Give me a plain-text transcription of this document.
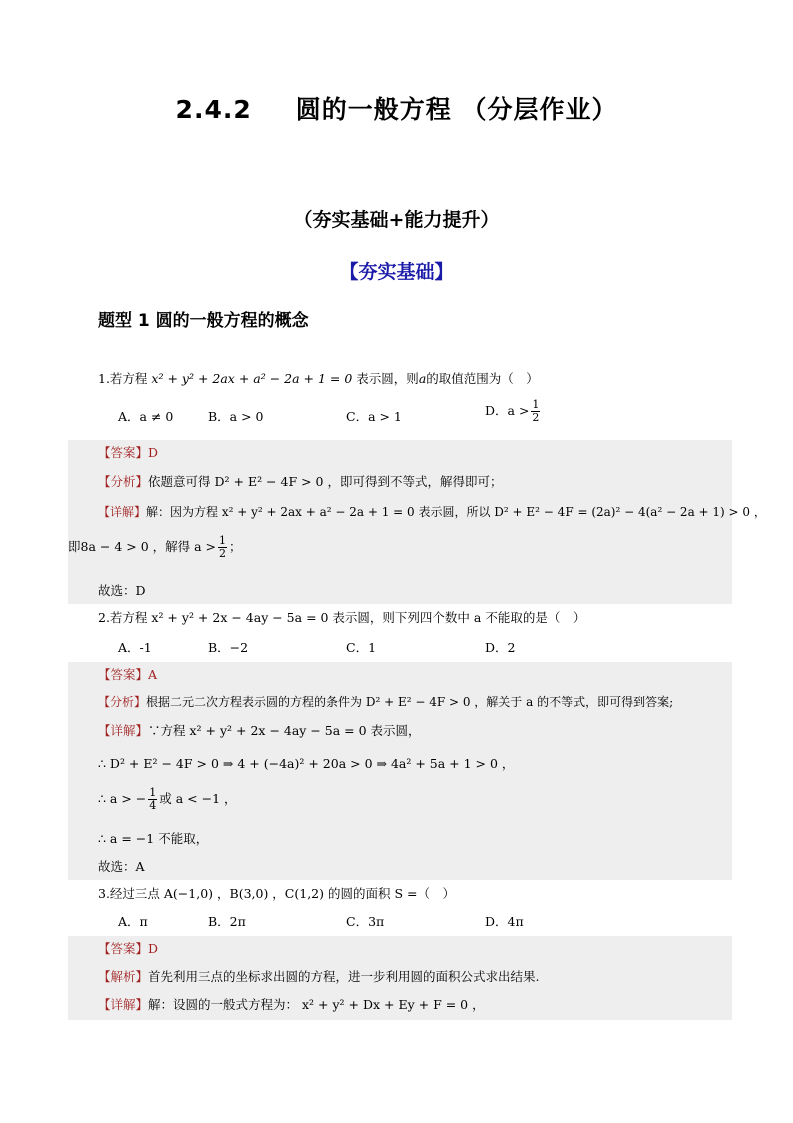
2.4.2 圆的一般方程 （分层作业）
（夯实基础+能力提升）
【夯实基础】
题型 1 圆的一般方程的概念
1.若方程 x² + y² + 2ax + a² − 2a + 1 = 0 表示圆，则a的取值范围为（　）
A．a ≠ 0	B．a > 0	C．a > 1	D．$a > \frac{1}{2}$
【答案】D
【分析】依题意可得 D² + E² − 4F > 0 ，即可得到不等式，解得即可；
【详解】解：因为方程 x² + y² + 2ax + a² − 2a + 1 = 0 表示圆，所以 D² + E² − 4F = (2a)² − 4(a² − 2a + 1) > 0 ，
即8a − 4 > 0 ，解得 $a > \frac{1}{2}$ ；
故选：D
2.若方程 x² + y² + 2x − 4ay − 5a = 0 表示圆，则下列四个数中 a 不能取的是（　）
A．-1	B．−2	C．1	D．2
【答案】A
【分析】根据二元二次方程表示圆的方程的条件为 D² + E² − 4F > 0 ，解关于 a 的不等式，即可得到答案;
【详解】∵方程 x² + y² + 2x − 4ay − 5a = 0 表示圆，
∴ D² + E² − 4F > 0 ⇒ 4 + (−4a)² + 20a > 0 ⇒ 4a² + 5a + 1 > 0 ，
∴ a > − $\frac{1}{4}$ 或 a < −1 ，
∴ a = −1 不能取，
故选：A
3.经过三点 A(−1,0) ，B(3,0) ，C(1,2) 的圆的面积 S =（　）
A．π	B．2π	C．3π	D．4π
【答案】D
【解析】首先利用三点的坐标求出圆的方程，进一步利用圆的面积公式求出结果.
【详解】解：设圆的一般式方程为： x² + y² + Dx + Ey + F = 0 ，
